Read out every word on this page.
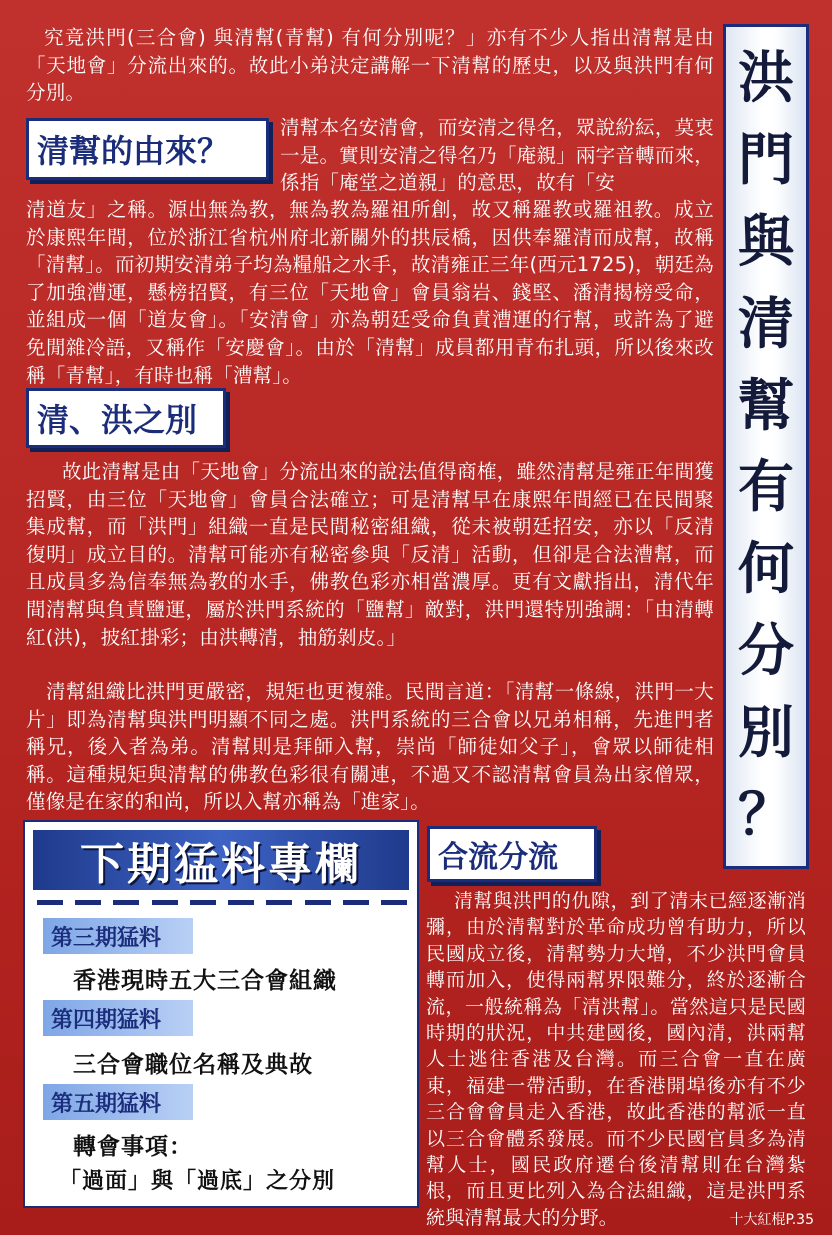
究竟洪門(三合會) 與清幫(青幫) 有何分別呢？」亦有不少人指出清幫是由「天地會」分流出來的。故此小弟決定講解一下清幫的歷史，以及與洪門有何分別。

清幫的由來？

清幫本名安清會，而安清之得名，眾說紛紜，莫衷一是。實則安清之得名乃「庵親」兩字音轉而來，係指「庵堂之道親」的意思，故有「安

清道友」之稱。源出無為教，無為教為羅祖所創，故又稱羅教或羅祖教。成立於康熙年間，位於浙江省杭州府北新關外的拱辰橋，因供奉羅清而成幫，故稱「清幫」。而初期安清弟子均為糧船之水手，故清雍正三年(西元1725)，朝廷為了加強漕運，懸榜招賢，有三位「天地會」會員翁岩、錢堅、潘清揭榜受命，並組成一個「道友會」。「安清會」亦為朝廷受命負責漕運的行幫，或許為了避免閒雜冷語，又稱作「安慶會」。由於「清幫」成員都用青布扎頭，所以後來改稱「青幫」，有時也稱「漕幫」。

清、洪之別

故此清幫是由「天地會」分流出來的說法值得商榷，雖然清幫是雍正年間獲招賢，由三位「天地會」會員合法確立；可是清幫早在康熙年間經已在民間聚集成幫，而「洪門」組織一直是民間秘密組織，從未被朝廷招安，亦以「反清復明」成立目的。清幫可能亦有秘密參與「反清」活動，但卻是合法漕幫，而且成員多為信奉無為教的水手，佛教色彩亦相當濃厚。更有文獻指出，清代年間清幫與負責鹽運，屬於洪門系統的「鹽幫」敵對，洪門還特別強調：「由清轉紅(洪)，披紅掛彩；由洪轉清，抽筋剝皮。」

清幫組織比洪門更嚴密，規矩也更複雜。民間言道：「清幫一條線，洪門一大片」即為清幫與洪門明顯不同之處。洪門系統的三合會以兄弟相稱，先進門者稱兄，後入者為弟。清幫則是拜師入幫，崇尚「師徒如父子」，會眾以師徒相稱。這種規矩與清幫的佛教色彩很有關連，不過又不認清幫會員為出家僧眾，僅像是在家的和尚，所以入幫亦稱為「進家」。

洪
門
與
清
幫
有
何
分
別
？
下期猛料專欄
第三期猛料
香港現時五大三合會組織
第四期猛料
三合會職位名稱及典故
第五期猛料
轉會事項：
「過面」與「過底」之分別
合流分流

清幫與洪門的仇隙，到了清末已經逐漸消彌，由於清幫對於革命成功曾有助力，所以民國成立後，清幫勢力大增，不少洪門會員轉而加入，使得兩幫界限難分，終於逐漸合流，一般統稱為「清洪幫」。當然這只是民國時期的狀況，中共建國後，國內清，洪兩幫人士逃往香港及台灣。而三合會一直在廣東，福建一帶活動，在香港開埠後亦有不少三合會會員走入香港，故此香港的幫派一直以三合會體系發展。而不少民國官員多為清幫人士，國民政府遷台後清幫則在台灣紮根，而且更比列入為合法組織，這是洪門系統與清幫最大的分野。	十大紅棍P.35
